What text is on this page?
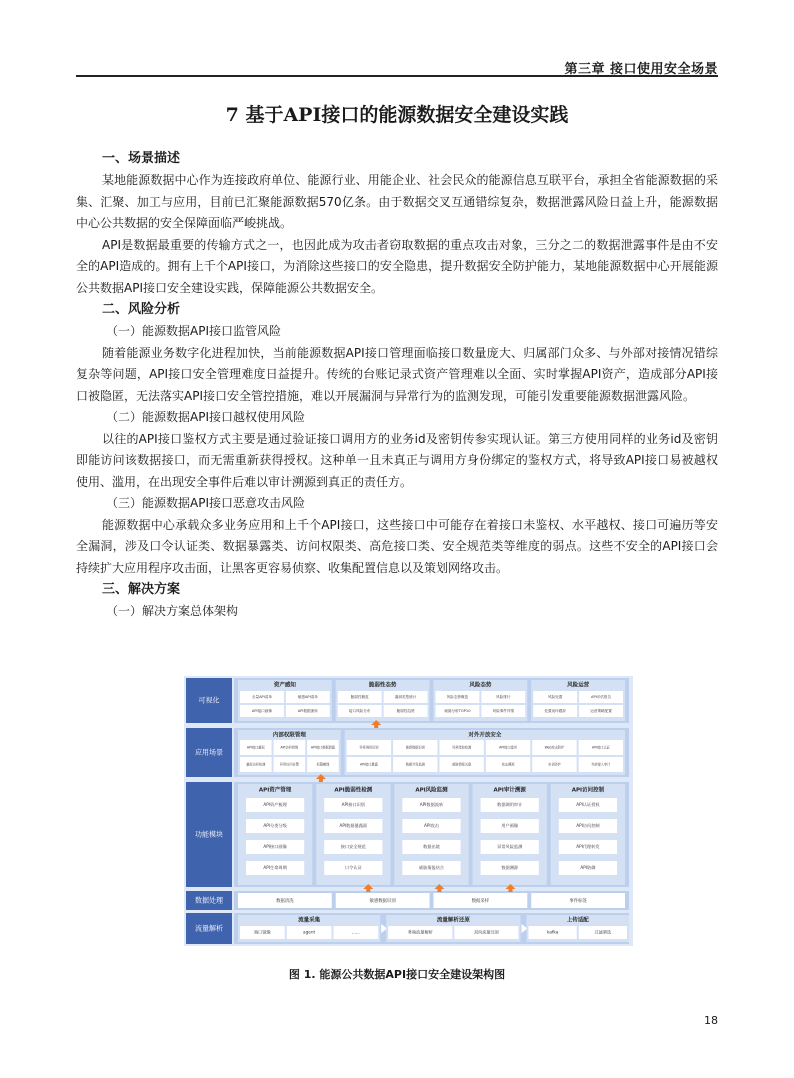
第三章 接口使用安全场景
7 基于API接口的能源数据安全建设实践
一、场景描述

某地能源数据中心作为连接政府单位、能源行业、用能企业、社会民众的能源信息互联平台，承担全省能源数据的采集、汇聚、加工与应用，目前已汇聚能源数据570亿条。由于数据交叉互通错综复杂，数据泄露风险日益上升，能源数据中心公共数据的安全保障面临严峻挑战。

API是数据最重要的传输方式之一，也因此成为攻击者窃取数据的重点攻击对象，三分之二的数据泄露事件是由不安全的API造成的。拥有上千个API接口，为消除这些接口的安全隐患，提升数据安全防护能力，某地能源数据中心开展能源公共数据API接口安全建设实践，保障能源公共数据安全。

二、风险分析
（一）能源数据API接口监管风险

随着能源业务数字化进程加快，当前能源数据API接口管理面临接口数量庞大、归属部门众多、与外部对接情况错综复杂等问题，API接口安全管理难度日益提升。传统的台账记录式资产管理难以全面、实时掌握API资产，造成部分API接口被隐匿，无法落实API接口安全管控措施，难以开展漏洞与异常行为的监测发现，可能引发重要能源数据泄露风险。

（二）能源数据API接口越权使用风险

以往的API接口鉴权方式主要是通过验证接口调用方的业务id及密钥传参实现认证。第三方使用同样的业务id及密钥即能访问该数据接口，而无需重新获得授权。这种单一且未真正与调用方身份绑定的鉴权方式，将导致API接口易被越权使用、滥用，在出现安全事件后难以审计溯源到真正的责任方。

（三）能源数据API接口恶意攻击风险

能源数据中心承载众多业务应用和上千个API接口，这些接口中可能存在着接口未鉴权、水平越权、接口可遍历等安全漏洞，涉及口令认证类、数据暴露类、访问权限类、高危接口类、安全规范类等维度的弱点。这些不安全的API接口会持续扩大应用程序攻击面，让黑客更容易侦察、收集配置信息以及策划网络攻击。

三、解决方案
（一）解决方案总体架构
可视化
应用场景
功能模块
数据处理
流量解析
资产感知
全量API清单	敏感API清单
API接口画像	API数据流转
脆弱性态势
脆弱性概览	漏洞类型统计
接口风险分布	脆弱性趋势
风险态势
风险态势概览	风险排行
威胁分析TOP10	风险事件详情
风险运营
风险处置	API评估报告
处置闭环跟踪	运营策略配置
内部权限管理
API接口越权	API访问控制	API接口数据泄露
越权访问检测	异常访问告警	权限梳理
对外开放安全
异常调用识别	敏感数据识别	异常爬取检测	API接口滥用	Web攻击防护	API接口认证
API接口暴露	数据外发监测	威胁情报关联	攻击溯源	安全防护	外部接入审计
API资产管理
API资产梳理
API分类分级
API接口画像
API生命周期
API脆弱性检测
API接口识别
API数据暴露面
接口安全规范
口令认证
API风险监测
API数据流转
API攻击
数据出境
威胁情报结合
API审计溯源
数据调用审计
用户画像
异常风险监测
数据溯源
API访问控制
API认证授权
API访问控制
API代理转发
API防御
数据清洗	敏感数据识别	数据采样	事件标签
流量采集
端口镜像	agent	......
流量解析还原
务端流量解析	双向流量还原
上传适配
kafka	过滤筛选
图 1. 能源公共数据API接口安全建设架构图
18
